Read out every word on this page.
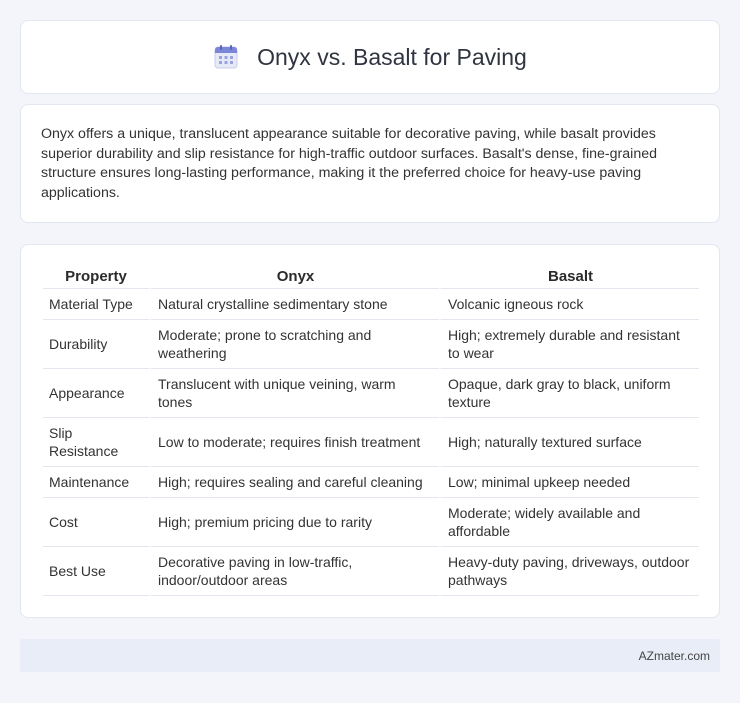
Onyx vs. Basalt for Paving

Onyx offers a unique, translucent appearance suitable for decorative paving, while basalt provides superior durability and slip resistance for high-traffic outdoor surfaces. Basalt's dense, fine-grained structure ensures long-lasting performance, making it the preferred choice for heavy-use paving applications.

Property	Onyx	Basalt
Material Type	Natural crystalline sedimentary stone	Volcanic igneous rock
Durability	Moderate; prone to scratching and weathering	High; extremely durable and resistant to wear
Appearance	Translucent with unique veining, warm tones	Opaque, dark gray to black, uniform texture
Slip Resistance	Low to moderate; requires finish treatment	High; naturally textured surface
Maintenance	High; requires sealing and careful cleaning	Low; minimal upkeep needed
Cost	High; premium pricing due to rarity	Moderate; widely available and affordable
Best Use	Decorative paving in low-traffic, indoor/outdoor areas	Heavy-duty paving, driveways, outdoor pathways
AZmater.com
